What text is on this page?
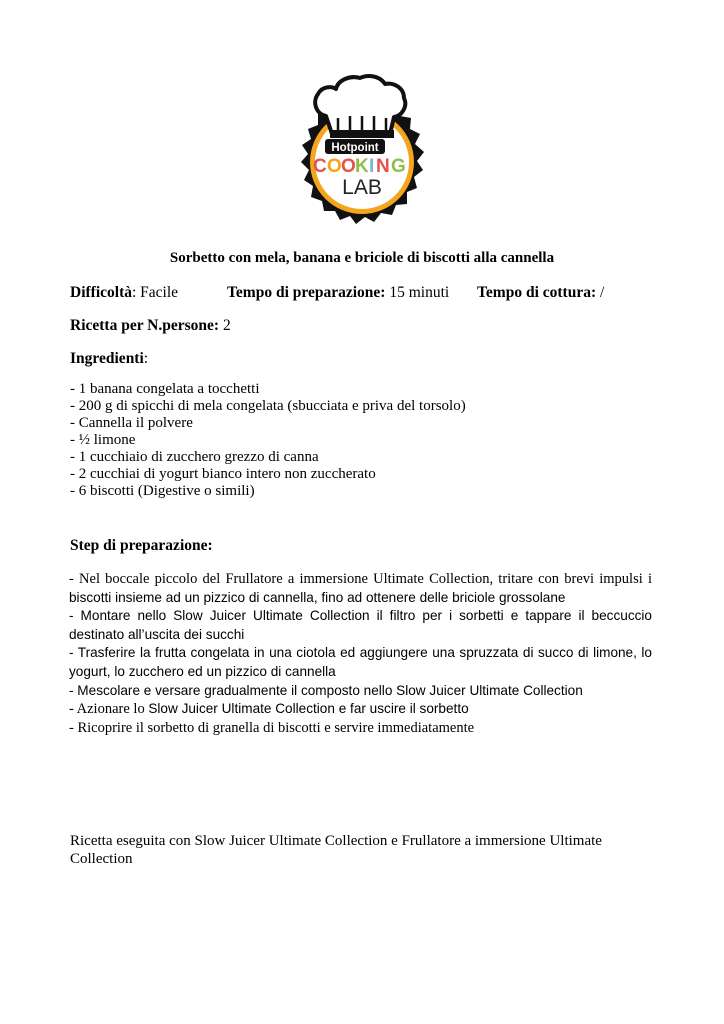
Hotpoint
C O O K I N G
LAB
Sorbetto con mela, banana e briciole di biscotti alla cannella
Difficoltà: Facile	Tempo di preparazione: 15 minuti Tempo di cottura: /
Ricetta per N.persone: 2
Ingredienti:
- 1 banana congelata a tocchetti
- 200 g di spicchi di mela congelata (sbucciata e priva del torsolo)
- Cannella il polvere
- ½ limone
- 1 cucchiaio di zucchero grezzo di canna
- 2 cucchiai di yogurt bianco intero non zuccherato
- 6 biscotti (Digestive o simili)
Step di preparazione:
- Nel boccale piccolo del Frullatore a immersione Ultimate Collection, tritare con brevi impulsi i biscotti insieme ad un pizzico di cannella, fino ad ottenere delle briciole grossolane
- Montare nello Slow Juicer Ultimate Collection il filtro per i sorbetti e tappare il beccuccio destinato all’uscita dei succhi
- Trasferire la frutta congelata in una ciotola ed aggiungere una spruzzata di succo di limone, lo yogurt, lo zucchero ed un pizzico di cannella
- Mescolare e versare gradualmente il composto nello Slow Juicer Ultimate Collection
- Azionare lo Slow Juicer Ultimate Collection e far uscire il sorbetto
- Ricoprire il sorbetto di granella di biscotti e servire immediatamente
Ricetta eseguita con Slow Juicer Ultimate Collection e Frullatore a immersione Ultimate Collection
